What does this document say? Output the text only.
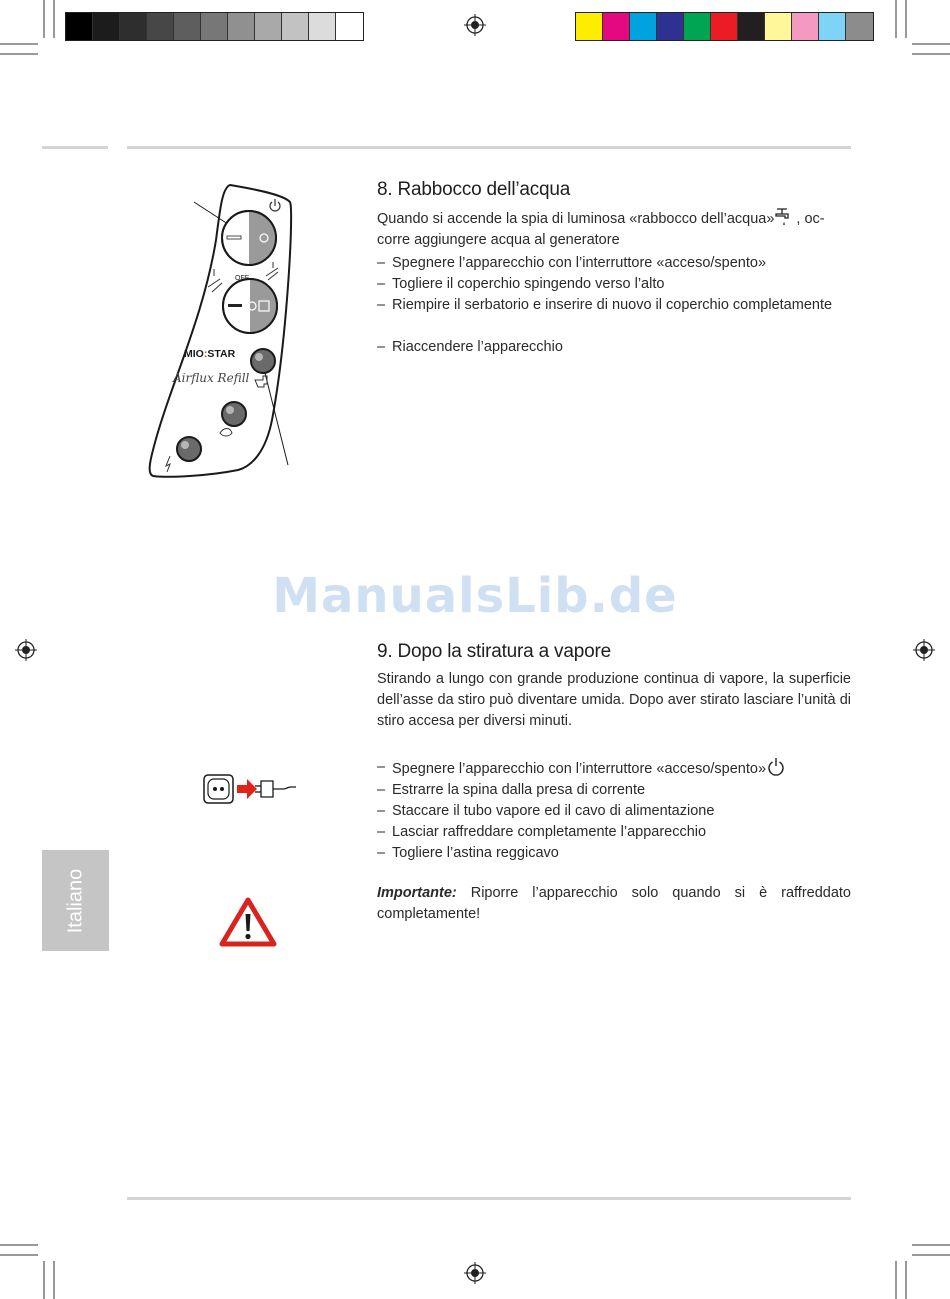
OFF
MIO:STAR
Airflux Refill
8. Rabbocco dell’acqua

Quando si accende la spia di luminosa «rabbocco dell’acqua» , oc-
corre aggiungere acqua al generatore

– Spegnere l’apparecchio con l’interruttore «acceso/spento»
– Togliere il coperchio spingendo verso l’alto
– Riempire il serbatorio e inserire di nuovo il coperchio completamente
– Riaccendere l’apparecchio
ManualsLib.de
9. Dopo la stiratura a vapore

Stirando a lungo con grande produzione continua di vapore, la superficie dell’asse da stiro può diventare umida. Dopo aver stirato lasciare l’unità di stiro accesa per diversi minuti.

– Spegnere l’apparecchio con l’interruttore «acceso/spento»
– Estrarre la spina dalla presa di corrente
– Staccare il tubo vapore ed il cavo di alimentazione
– Lasciar raffreddare completamente l’apparecchio
– Togliere l’astina reggicavo

Importante: Riporre l’apparecchio solo quando si è raffreddato completamente!

Italiano
